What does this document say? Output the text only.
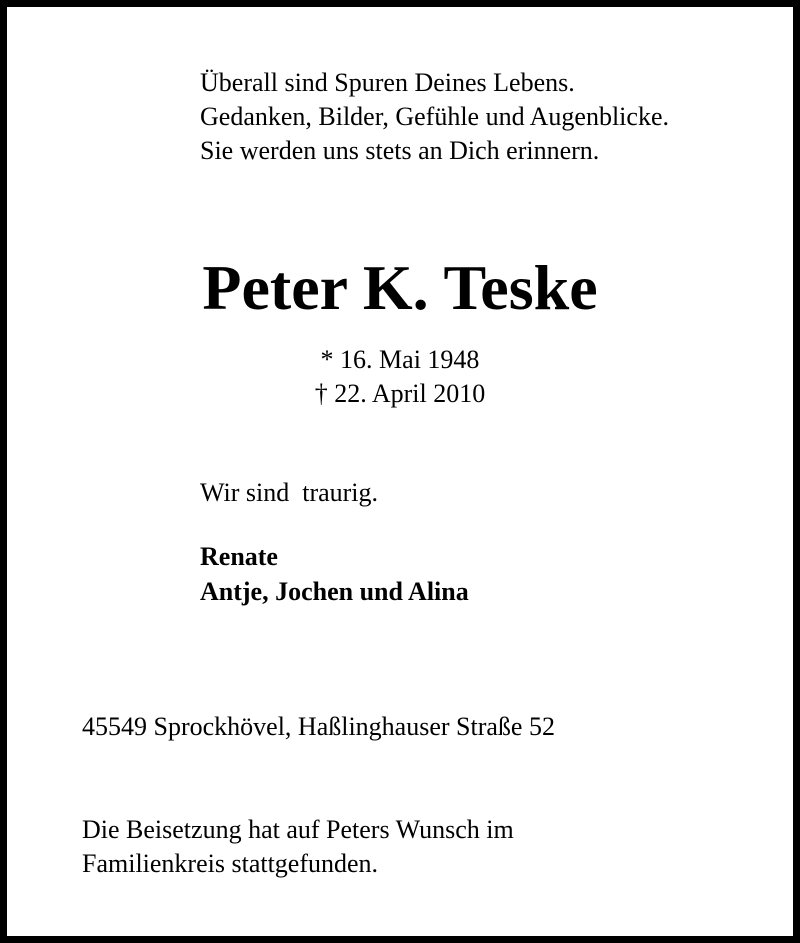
Überall sind Spuren Deines Lebens.
Gedanken, Bilder, Gefühle und Augenblicke.
Sie werden uns stets an Dich erinnern.
Peter K. Teske
* 16. Mai 1948
† 22. April 2010
Wir sind  traurig.
Renate
Antje, Jochen und Alina
45549 Sprockhövel, Haßlinghauser Straße 52
Die Beisetzung hat auf Peters Wunsch im
Familienkreis stattgefunden.
